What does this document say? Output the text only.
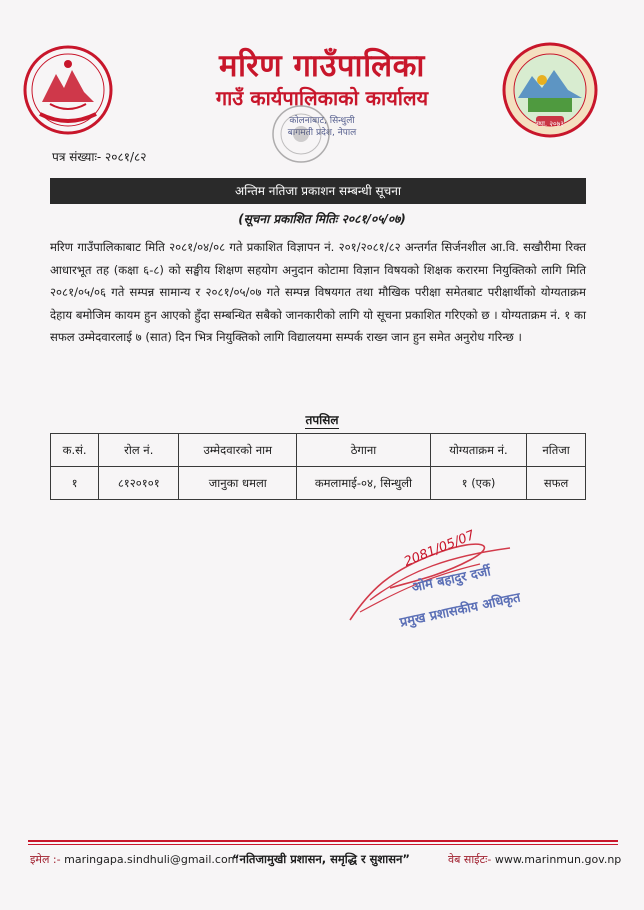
मरिण गाउँपालिका
गाउँ कार्यपालिकाको कार्यालय
कोलनाबाट, सिन्धुली
बागमती प्रदेश, नेपाल
स्था. २०७३
पत्र संख्याः- २०८१/८२
अन्तिम नतिजा प्रकाशन सम्बन्धी सूचना
(सूचना प्रकाशित मितिः २०८१/०५/०७)
मरिण गाउँपालिकाबाट मिति २०८१/०४/०८ गते प्रकाशित विज्ञापन नं. २०१/२०८१/८२ अन्तर्गत सिर्जनशील आ.वि. सखौरीमा रिक्त आधारभूत तह (कक्षा ६-८) को सङ्घीय शिक्षण सहयोग अनुदान कोटामा विज्ञान विषयको शिक्षक करारमा नियुक्तिको लागि मिति २०८१/०५/०६ गते सम्पन्न सामान्य र २०८१/०५/०७ गते सम्पन्न विषयगत तथा मौखिक परीक्षा समेतबाट परीक्षार्थीको योग्यताक्रम देहाय बमोजिम कायम हुन आएको हुँदा सम्बन्धित सबैको जानकारीको लागि यो सूचना प्रकाशित गरिएको छ । योग्यताक्रम नं. १ का सफल उम्मेदवारलाई ७ (सात) दिन भित्र नियुक्तिको लागि विद्यालयमा सम्पर्क राख्न जान हुन समेत अनुरोध गरिन्छ ।
तपसिल
क.सं.	रोल नं.	उम्मेदवारको नाम	ठेगाना	योग्यताक्रम नं.	नतिजा
१	८१२०१०१	जानुका धमला	कमलामाई-०४, सिन्धुली	१ (एक)	सफल
2081/05/07
ओम बहादुर दर्जी
प्रमुख प्रशासकीय अधिकृत
इमेल :- maringapa.sindhuli@gmail.com
“नतिजामुखी प्रशासन, समृद्धि र सुशासन”	वेब साईटः- www.marinmun.gov.np
